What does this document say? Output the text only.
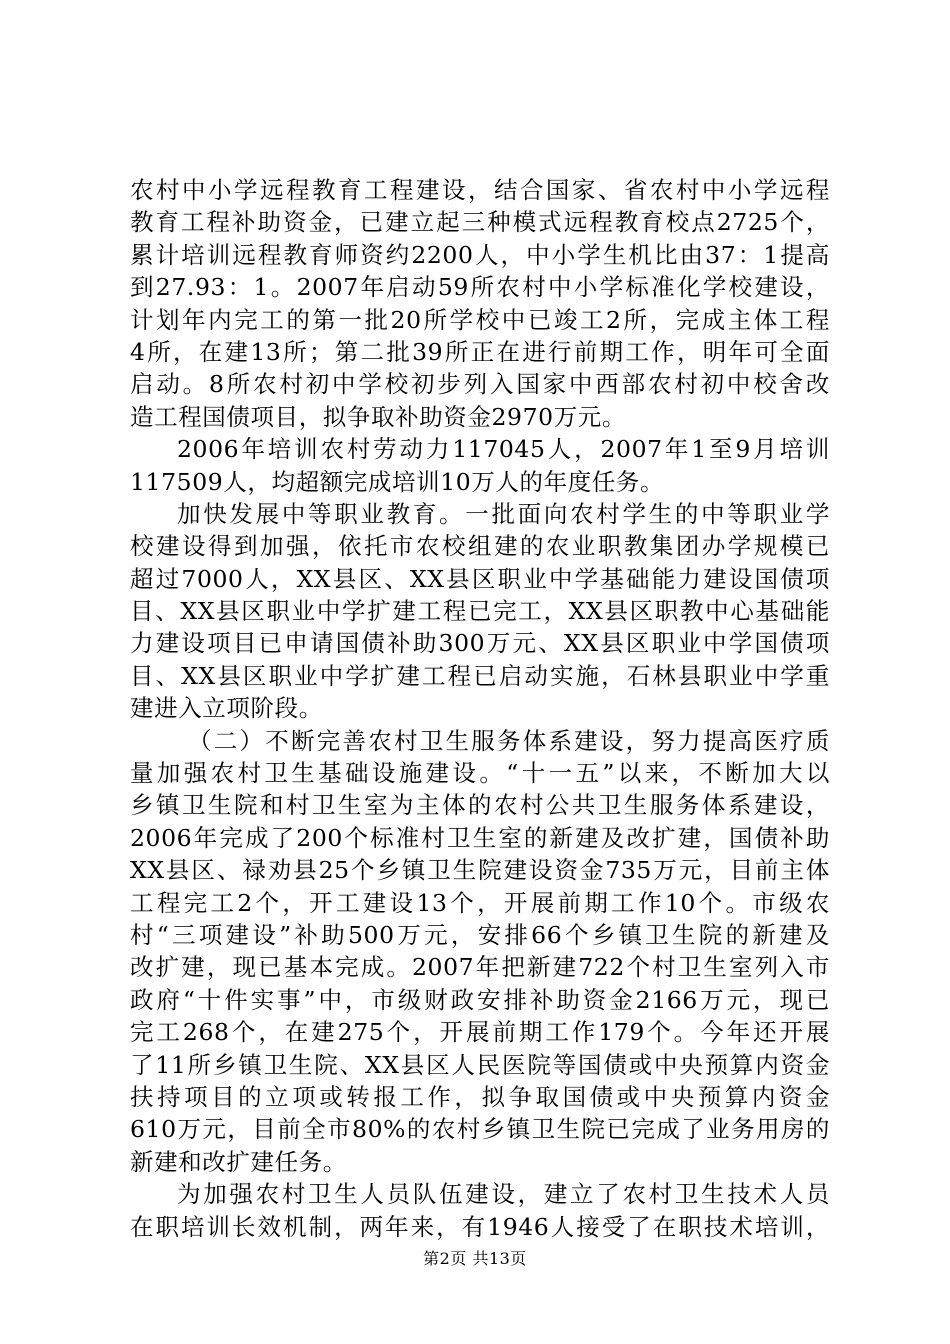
农村中小学远程教育工程建设，结合国家、省农村中小学远程
教育工程补助资金，已建立起三种模式远程教育校点2725个，
累计培训远程教育师资约2200人，中小学生机比由37：1提高
到27.93：1。2007年启动59所农村中小学标准化学校建设，
计划年内完工的第一批20所学校中已竣工2所，完成主体工程
4所，在建13所；第二批39所正在进行前期工作，明年可全面
启动。8所农村初中学校初步列入国家中西部农村初中校舍改
造工程国债项目，拟争取补助资金2970万元。
2006年培训农村劳动力117045人，2007年1至9月培训
117509人，均超额完成培训10万人的年度任务。
加快发展中等职业教育。一批面向农村学生的中等职业学
校建设得到加强，依托市农校组建的农业职教集团办学规模已
超过7000人，XX县区、XX县区职业中学基础能力建设国债项
目、XX县区职业中学扩建工程已完工，XX县区职教中心基础能
力建设项目已申请国债补助300万元、XX县区职业中学国债项
目、XX县区职业中学扩建工程已启动实施，石林县职业中学重
建进入立项阶段。
（二）不断完善农村卫生服务体系建设，努力提高医疗质
量加强农村卫生基础设施建设。“十一五”以来，不断加大以
乡镇卫生院和村卫生室为主体的农村公共卫生服务体系建设，
2006年完成了200个标准村卫生室的新建及改扩建，国债补助
XX县区、禄劝县25个乡镇卫生院建设资金735万元，目前主体
工程完工2个，开工建设13个，开展前期工作10个。市级农
村“三项建设”补助500万元，安排66个乡镇卫生院的新建及
改扩建，现已基本完成。2007年把新建722个村卫生室列入市
政府“十件实事”中，市级财政安排补助资金2166万元，现已
完工268个，在建275个，开展前期工作179个。今年还开展
了11所乡镇卫生院、XX县区人民医院等国债或中央预算内资金
扶持项目的立项或转报工作，拟争取国债或中央预算内资金
610万元，目前全市80%的农村乡镇卫生院已完成了业务用房的
新建和改扩建任务。
为加强农村卫生人员队伍建设，建立了农村卫生技术人员
在职培训长效机制，两年来，有1946人接受了在职技术培训，
第2页 共13页
